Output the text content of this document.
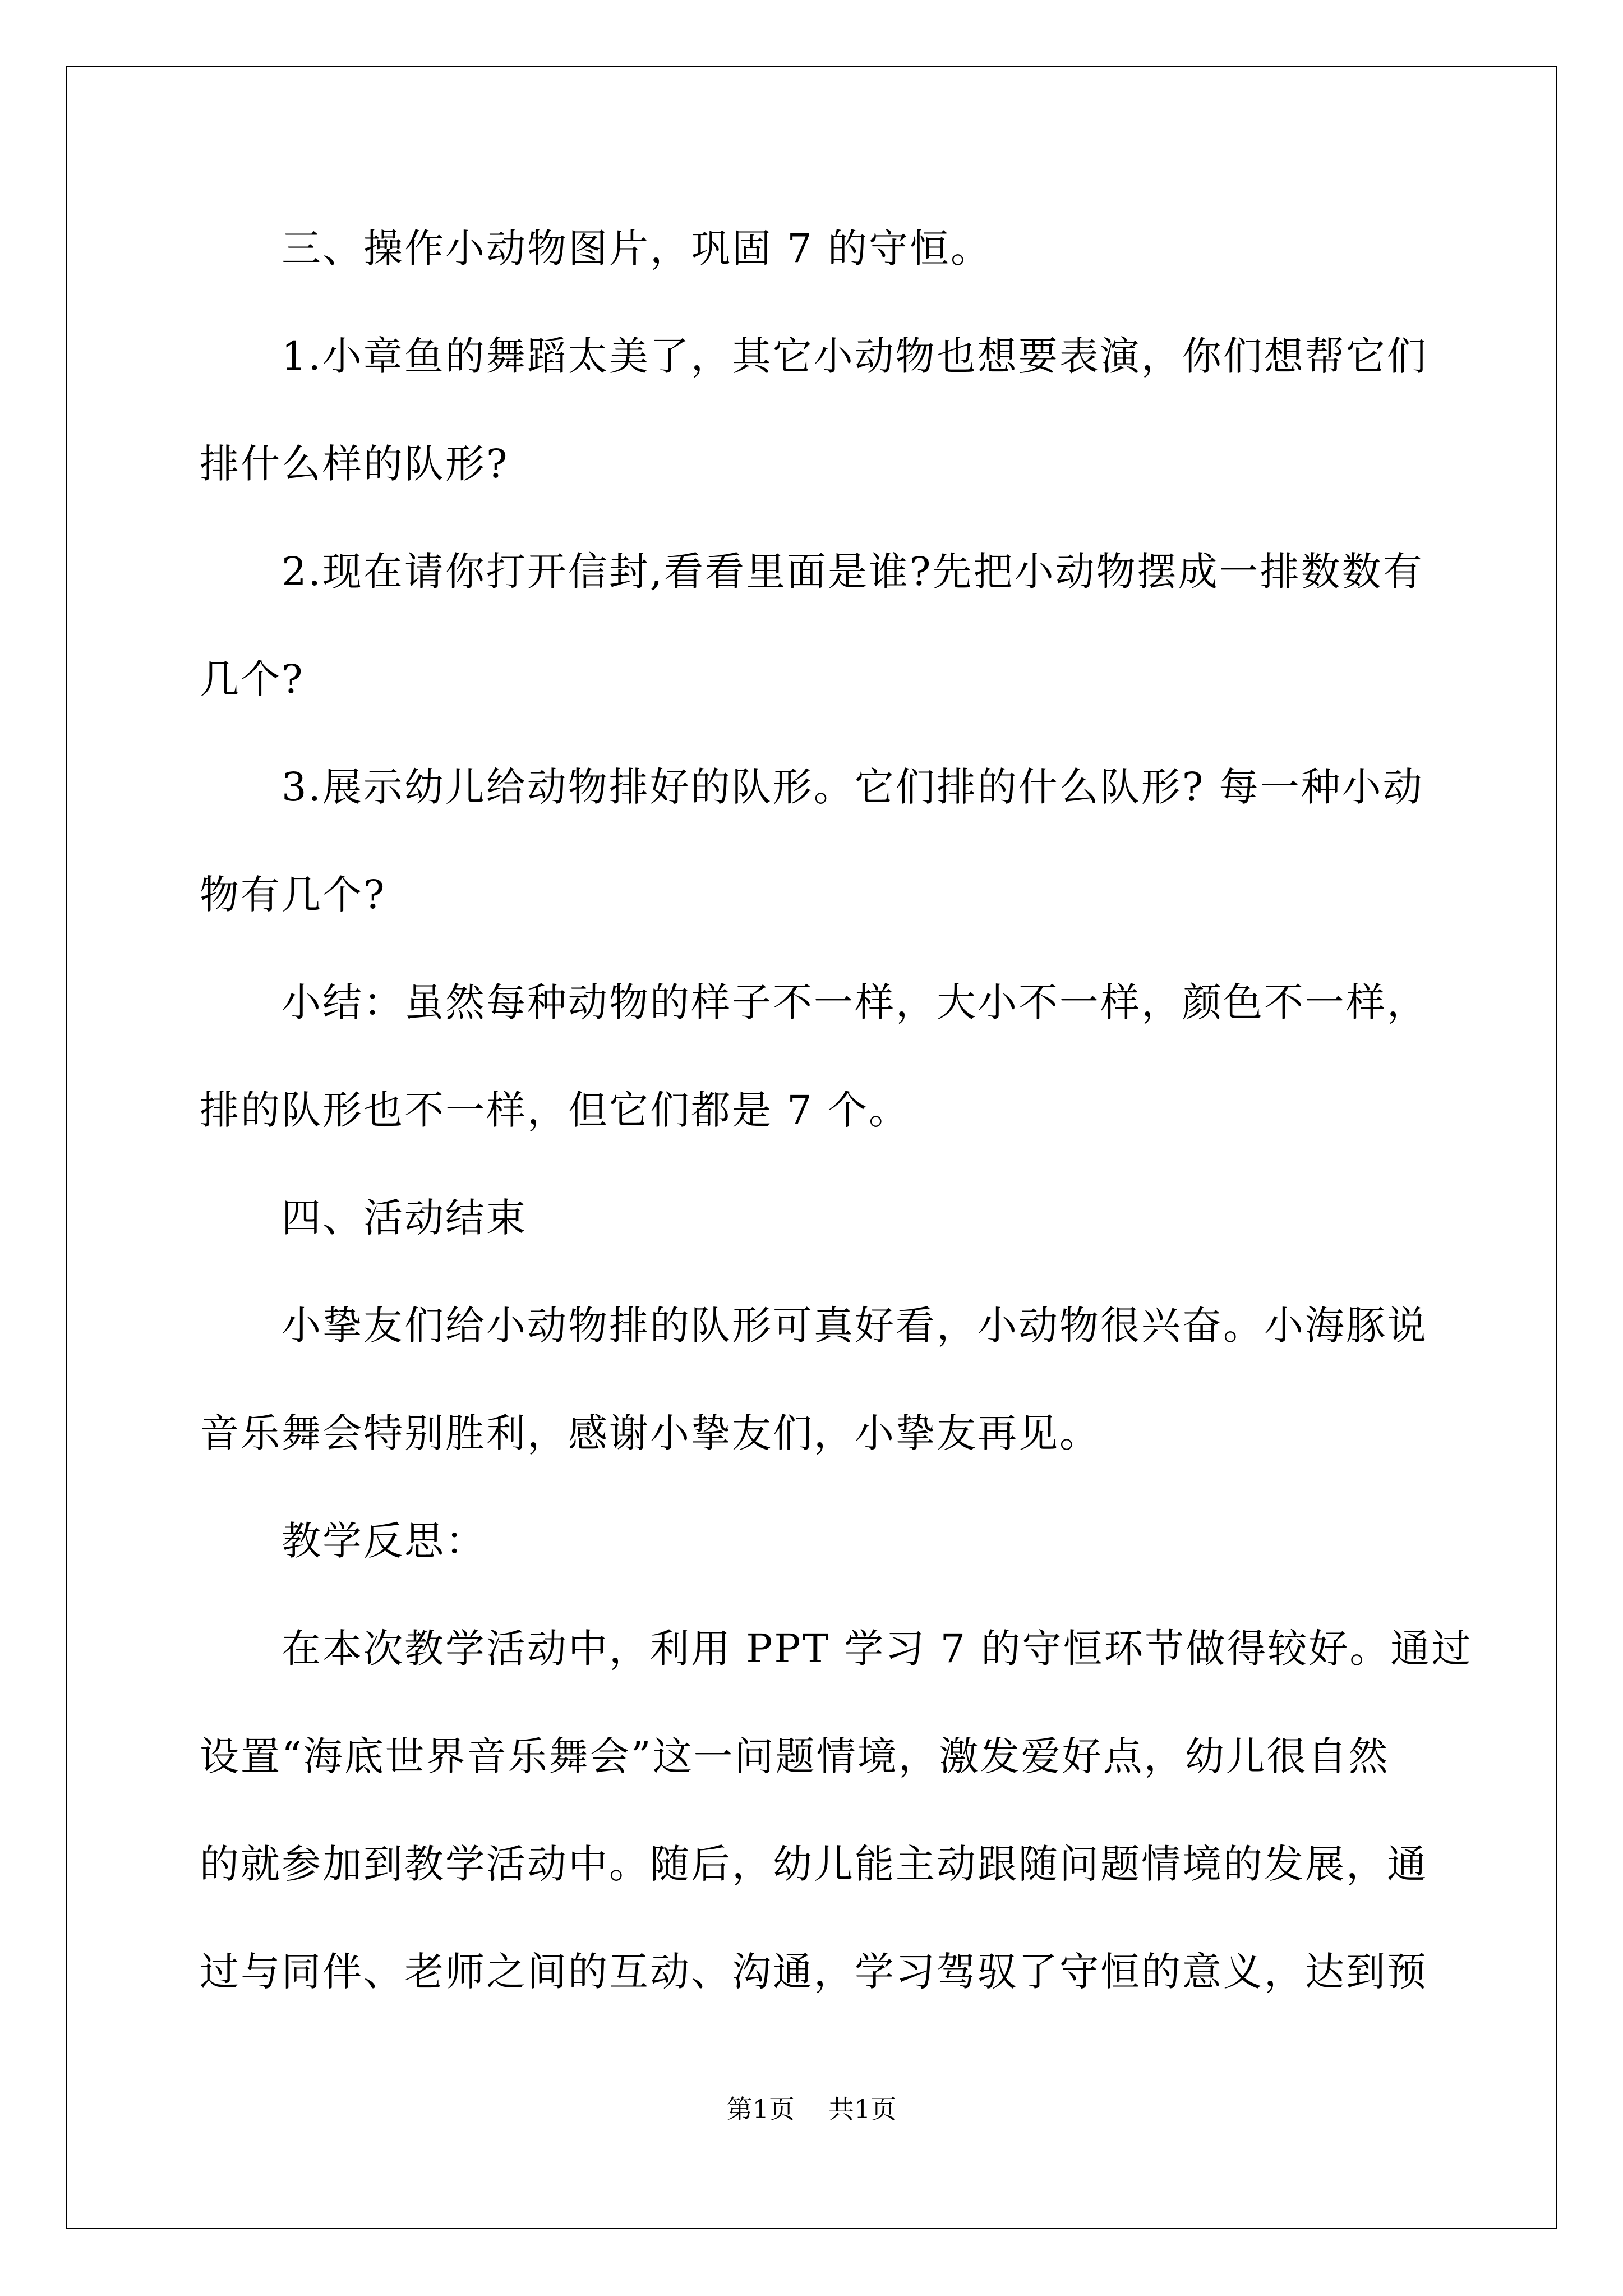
三、操作小动物图片，巩固 7 的守恒。
1.小章鱼的舞蹈太美了，其它小动物也想要表演，你们想帮它们
排什么样的队形?
2.现在请你打开信封,看看里面是谁?先把小动物摆成一排数数有
几个?
3.展示幼儿给动物排好的队形。它们排的什么队形? 每一种小动
物有几个?
小结：虽然每种动物的样子不一样，大小不一样，颜色不一样，
排的队形也不一样，但它们都是 7 个。
四、活动结束
小挚友们给小动物排的队形可真好看，小动物很兴奋。小海豚说
音乐舞会特别胜利，感谢小挚友们，小挚友再见。
教学反思：
在本次教学活动中，利用 PPT 学习 7 的守恒环节做得较好。通过
设置“海底世界音乐舞会”这一问题情境，激发爱好点，幼儿很自然
的就参加到教学活动中。随后，幼儿能主动跟随问题情境的发展，通
过与同伴、老师之间的互动、沟通，学习驾驭了守恒的意义，达到预
第1页 共1页
